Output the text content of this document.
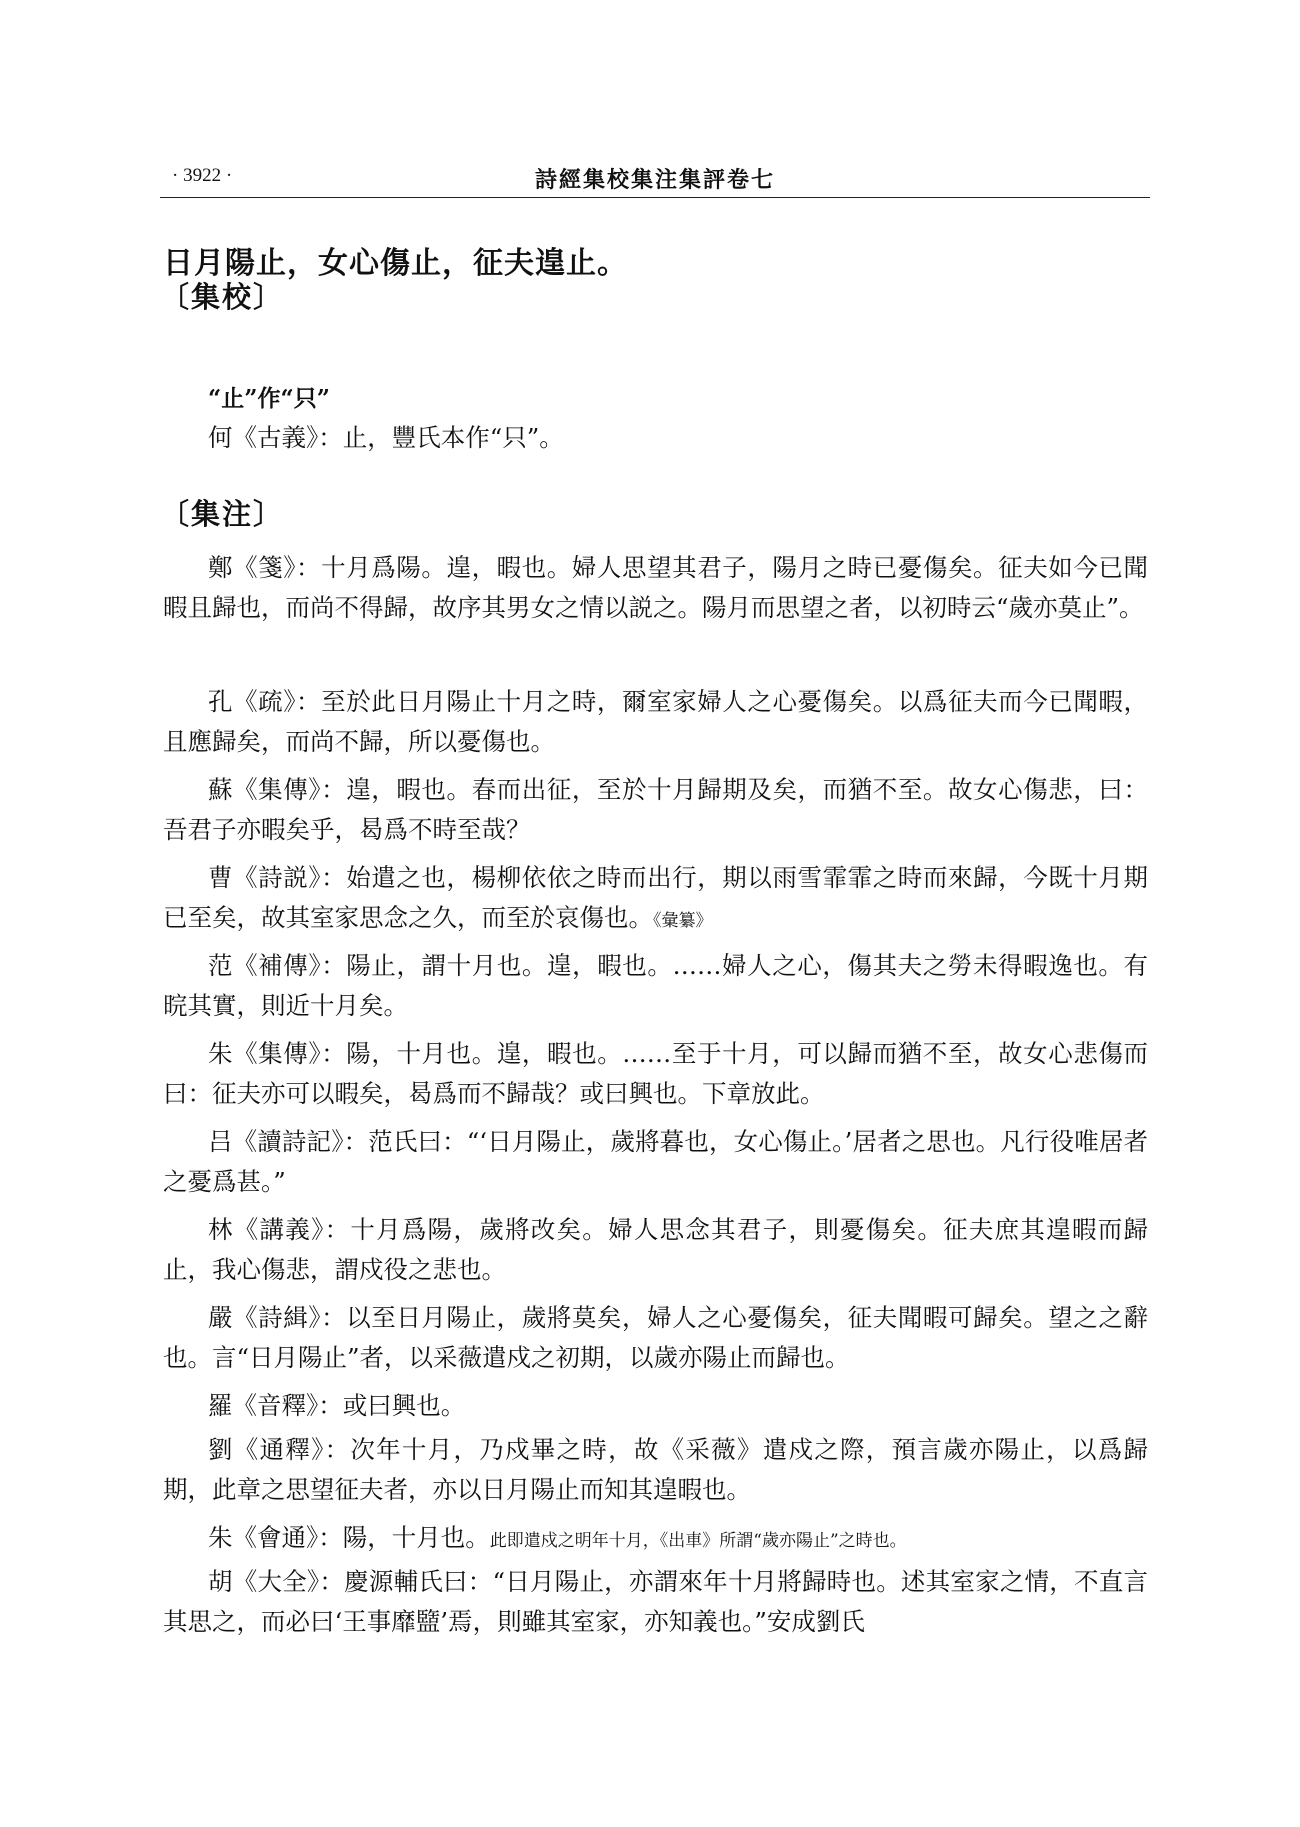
· 3922 ·	詩經集校集注集評卷七
日月陽止，女心傷止，征夫遑止。
〔集校〕
“止”作“只”

何《古義》：止，豐氏本作“只”。

〔集注〕

鄭《箋》：十月爲陽。遑，暇也。婦人思望其君子，陽月之時已憂傷矣。征夫如今已聞暇且歸也，而尚不得歸，故序其男女之情以説之。陽月而思望之者，以初時云“歲亦莫止”。

孔《疏》：至於此日月陽止十月之時，爾室家婦人之心憂傷矣。以爲征夫而今已聞暇，且應歸矣，而尚不歸，所以憂傷也。

蘇《集傳》：遑，暇也。春而出征，至於十月歸期及矣，而猶不至。故女心傷悲，曰：吾君子亦暇矣乎，曷爲不時至哉？

曹《詩説》：始遣之也，楊柳依依之時而出行，期以雨雪霏霏之時而來歸，今既十月期已至矣，故其室家思念之久，而至於哀傷也。《彙纂》

范《補傳》：陽止，謂十月也。遑，暇也。……婦人之心，傷其夫之勞未得暇逸也。有晥其實，則近十月矣。

朱《集傳》：陽，十月也。遑，暇也。……至于十月，可以歸而猶不至，故女心悲傷而曰：征夫亦可以暇矣，曷爲而不歸哉？或曰興也。下章放此。

吕《讀詩記》：范氏曰：“‘日月陽止，歲將暮也，女心傷止。’居者之思也。凡行役唯居者之憂爲甚。”

林《講義》：十月爲陽，歲將改矣。婦人思念其君子，則憂傷矣。征夫庶其遑暇而歸止，我心傷悲，謂戍役之悲也。

嚴《詩緝》：以至日月陽止，歲將莫矣，婦人之心憂傷矣，征夫聞暇可歸矣。望之之辭也。言“日月陽止”者，以采薇遣戍之初期，以歲亦陽止而歸也。

羅《音釋》：或曰興也。

劉《通釋》：次年十月，乃戍畢之時，故《采薇》遣戍之際，預言歲亦陽止，以爲歸期，此章之思望征夫者，亦以日月陽止而知其遑暇也。

朱《會通》：陽，十月也。此即遣戍之明年十月，《出車》所謂“歲亦陽止”之時也。

胡《大全》：慶源輔氏曰：“日月陽止，亦謂來年十月將歸時也。述其室家之情，不直言其思之，而必曰‘王事靡盬’焉，則雖其室家，亦知義也。”安成劉氏
